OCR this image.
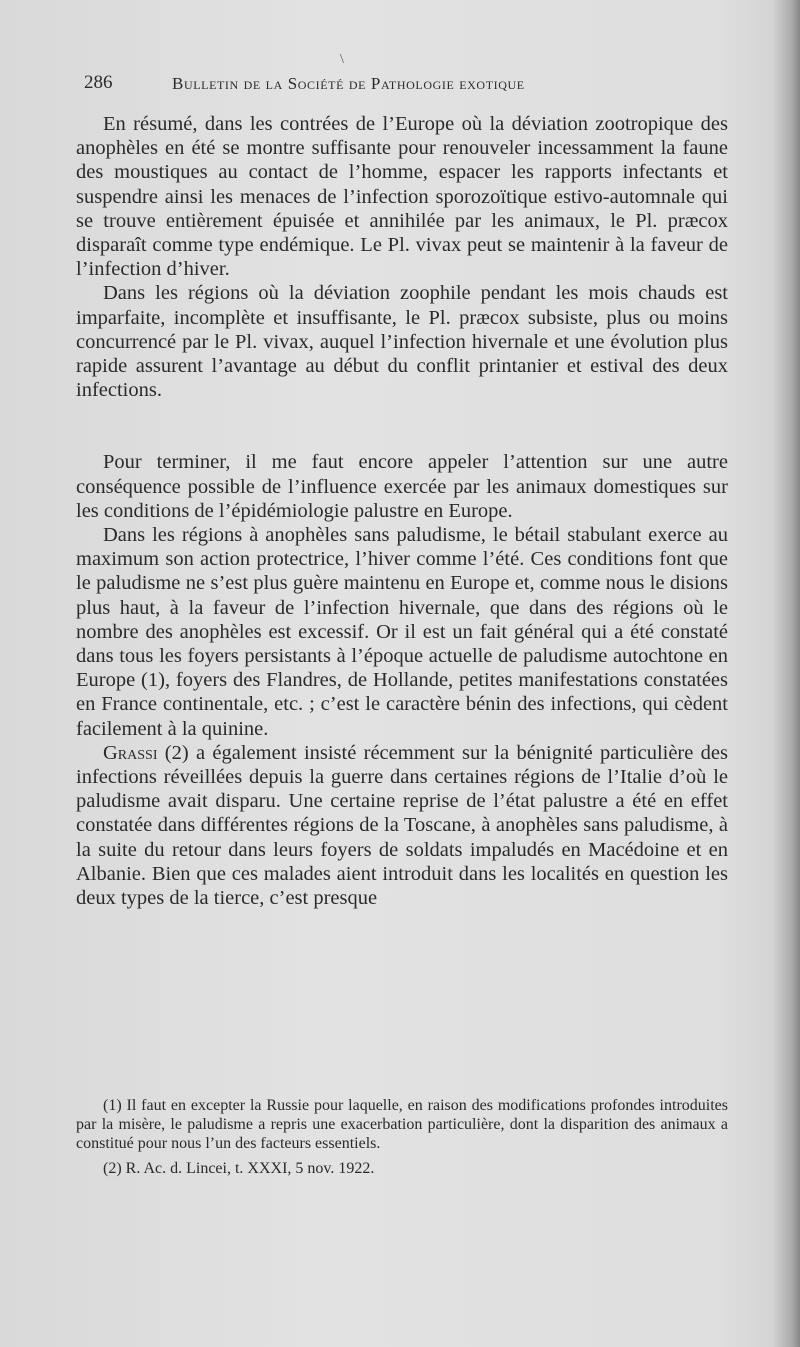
\
286	Bulletin de la Société de Pathologie exotique

En résumé, dans les contrées de l’Europe où la déviation zootropique des anophèles en été se montre suffisante pour renouveler incessamment la faune des moustiques au contact de l’homme, espacer les rapports infectants et suspendre ainsi les menaces de l’infection sporozoïtique estivo-automnale qui se trouve entièrement épuisée et annihilée par les animaux, le Pl. præcox disparaît comme type endémique. Le Pl. vivax peut se maintenir à la faveur de l’infection d’hiver.

Dans les régions où la déviation zoophile pendant les mois chauds est imparfaite, incomplète et insuffisante, le Pl. præcox subsiste, plus ou moins concurrencé par le Pl. vivax, auquel l’infection hivernale et une évolution plus rapide assurent l’avantage au début du conflit printanier et estival des deux infections.

Pour terminer, il me faut encore appeler l’attention sur une autre conséquence possible de l’influence exercée par les animaux domestiques sur les conditions de l’épidémiologie palustre en Europe.

Dans les régions à anophèles sans paludisme, le bétail stabulant exerce au maximum son action protectrice, l’hiver comme l’été. Ces conditions font que le paludisme ne s’est plus guère maintenu en Europe et, comme nous le disions plus haut, à la faveur de l’infection hivernale, que dans des régions où le nombre des anophèles est excessif. Or il est un fait général qui a été constaté dans tous les foyers persistants à l’époque actuelle de paludisme autochtone en Europe (1), foyers des Flandres, de Hollande, petites manifestations constatées en France continentale, etc. ; c’est le caractère bénin des infections, qui cèdent facilement à la quinine.

Grassi (2) a également insisté récemment sur la bénignité particulière des infections réveillées depuis la guerre dans certaines régions de l’Italie d’où le paludisme avait disparu. Une certaine reprise de l’état palustre a été en effet constatée dans différentes régions de la Toscane, à anophèles sans paludisme, à la suite du retour dans leurs foyers de soldats impaludés en Macédoine et en Albanie. Bien que ces malades aient introduit dans les localités en question les deux types de la tierce, c’est presque

(1) Il faut en excepter la Russie pour laquelle, en raison des modifications profondes introduites par la misère, le paludisme a repris une exacerbation particulière, dont la disparition des animaux a constitué pour nous l’un des facteurs essentiels.

(2) R. Ac. d. Lincei, t. XXXI, 5 nov. 1922.
